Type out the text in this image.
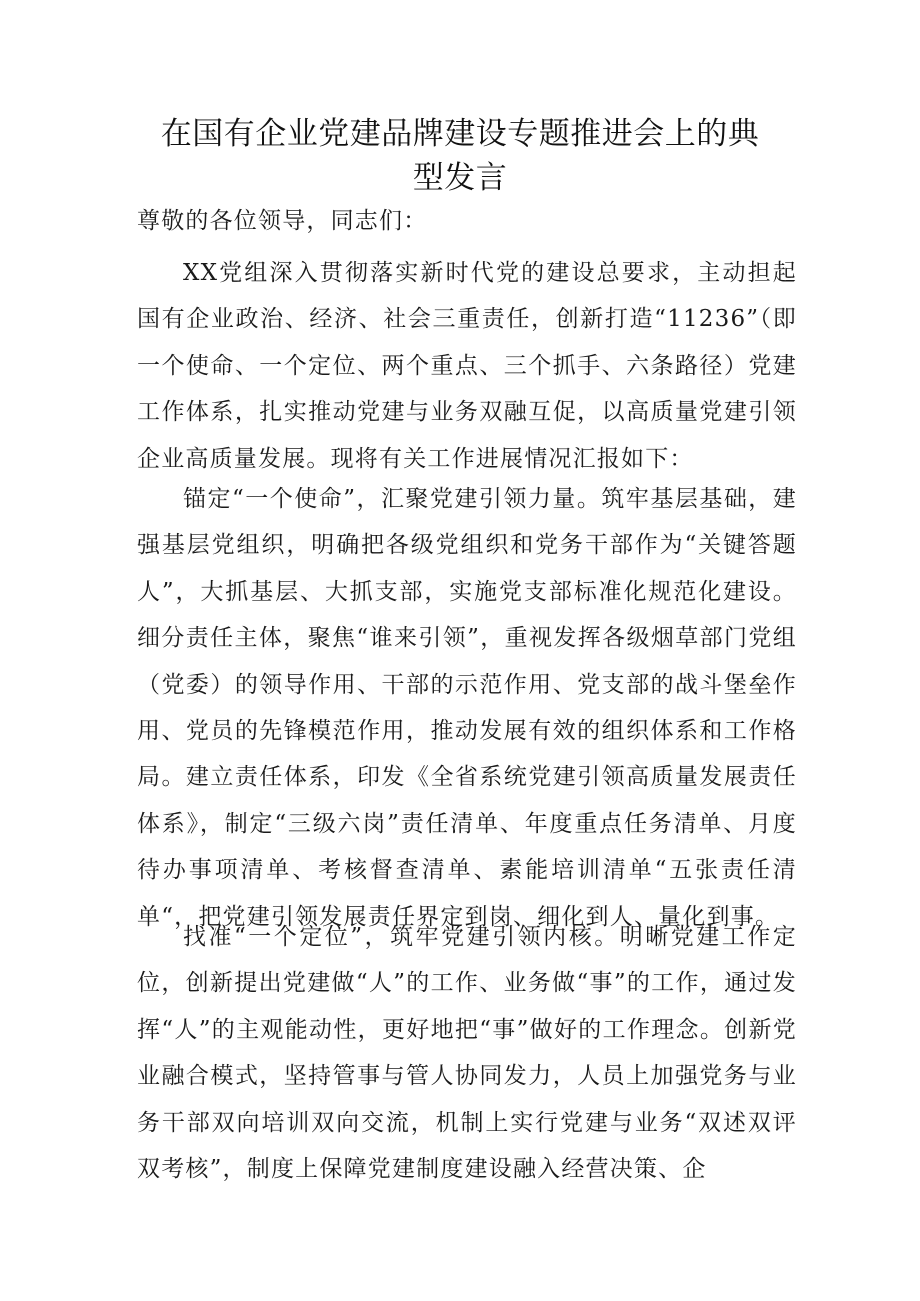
在国有企业党建品牌建设专题推进会上的典
型发言

尊敬的各位领导，同志们：

XX党组深入贯彻落实新时代党的建设总要求，主动担起国有企业政治、经济、社会三重责任，创新打造“11236”（即一个使命、一个定位、两个重点、三个抓手、六条路径）党建工作体系，扎实推动党建与业务双融互促，以高质量党建引领企业高质量发展。现将有关工作进展情况汇报如下：

锚定“一个使命”，汇聚党建引领力量。筑牢基层基础，建强基层党组织，明确把各级党组织和党务干部作为“关键答题人”，大抓基层、大抓支部，实施党支部标准化规范化建设。细分责任主体，聚焦“谁来引领”，重视发挥各级烟草部门党组（党委）的领导作用、干部的示范作用、党支部的战斗堡垒作用、党员的先锋模范作用，推动发展有效的组织体系和工作格局。建立责任体系，印发《全省系统党建引领高质量发展责任体系》，制定“三级六岗”责任清单、年度重点任务清单、月度待办事项清单、考核督查清单、素能培训清单“五张责任清单“，把党建引领发展责任界定到岗、细化到人、量化到事。

找准“一个定位”，筑牢党建引领内核。明晰党建工作定位，创新提出党建做“人”的工作、业务做“事”的工作，通过发挥“人”的主观能动性，更好地把“事”做好的工作理念。创新党业融合模式，坚持管事与管人协同发力，人员上加强党务与业务干部双向培训双向交流，机制上实行党建与业务“双述双评双考核”，制度上保障党建制度建设融入经营决策、企
